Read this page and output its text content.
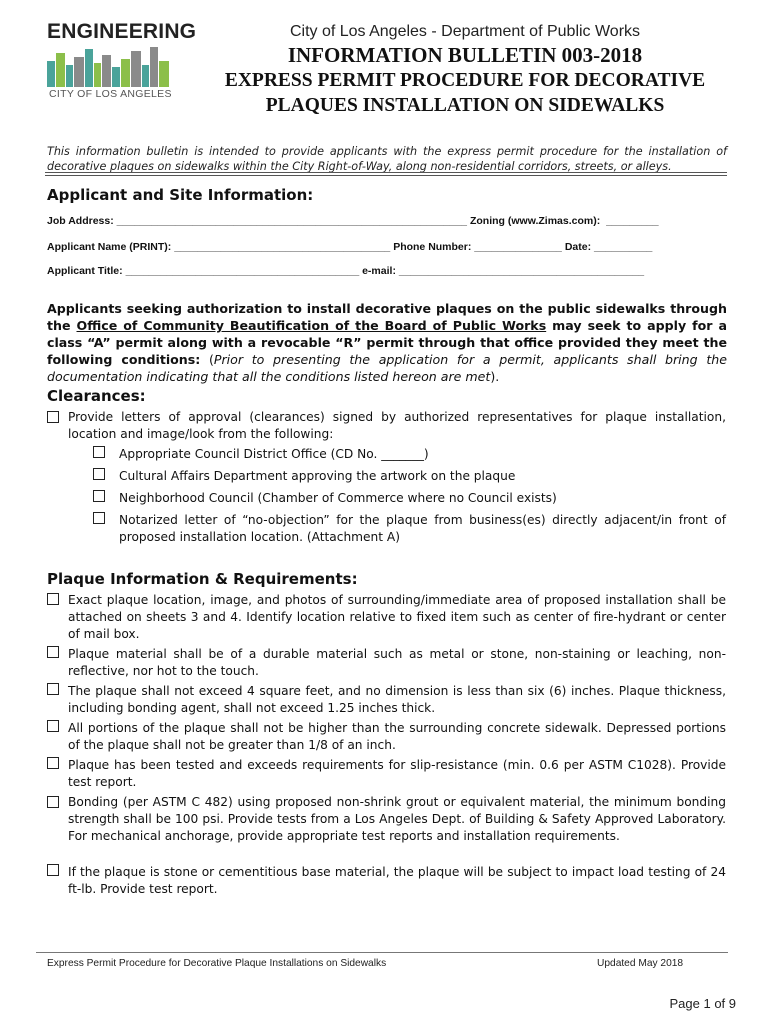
ENGINEERING
CITY OF LOS ANGELES
City of Los Angeles - Department of Public Works
INFORMATION BULLETIN 003-2018
EXPRESS PERMIT PROCEDURE FOR DECORATIVE
PLAQUES INSTALLATION ON SIDEWALKS
This information bulletin is intended to provide applicants with the express permit procedure for the installation of decorative plaques on sidewalks within the City Right-of-Way, along non-residential corridors, streets, or alleys.
Applicant and Site Information:
Job Address: ____________________________________________________________ Zoning (www.Zimas.com): _________
Applicant Name (PRINT): _____________________________________ Phone Number: _______________ Date: __________
Applicant Title: ________________________________________ e-mail: __________________________________________
Applicants seeking authorization to install decorative plaques on the public sidewalks through the Office of Community Beautification of the Board of Public Works may seek to apply for a class “A” permit along with a revocable “R” permit through that office provided they meet the following conditions: (Prior to presenting the application for a permit, applicants shall bring the documentation indicating that all the conditions listed hereon are met).
Clearances:
Provide letters of approval (clearances) signed by authorized representatives for plaque installation, location and image/look from the following:
Appropriate Council District Office (CD No. _______)
Cultural Affairs Department approving the artwork on the plaque
Neighborhood Council (Chamber of Commerce where no Council exists)
Notarized letter of “no-objection” for the plaque from business(es) directly adjacent/in front of proposed installation location. (Attachment A)
Plaque Information & Requirements:
Exact plaque location, image, and photos of surrounding/immediate area of proposed installation shall be attached on sheets 3 and 4. Identify location relative to fixed item such as center of fire-hydrant or center of mail box.
Plaque material shall be of a durable material such as metal or stone, non-staining or leaching, non-reflective, nor hot to the touch.
The plaque shall not exceed 4 square feet, and no dimension is less than six (6) inches. Plaque thickness, including bonding agent, shall not exceed 1.25 inches thick.
All portions of the plaque shall not be higher than the surrounding concrete sidewalk. Depressed portions of the plaque shall not be greater than 1/8 of an inch.
Plaque has been tested and exceeds requirements for slip-resistance (min. 0.6 per ASTM C1028). Provide test report.
Bonding (per ASTM C 482) using proposed non-shrink grout or equivalent material, the minimum bonding strength shall be 100 psi. Provide tests from a Los Angeles Dept. of Building & Safety Approved Laboratory. For mechanical anchorage, provide appropriate test reports and installation requirements.
If the plaque is stone or cementitious base material, the plaque will be subject to impact load testing of 24 ft-lb. Provide test report.
Express Permit Procedure for Decorative Plaque Installations on Sidewalks	Updated May 2018
Page 1 of 9
